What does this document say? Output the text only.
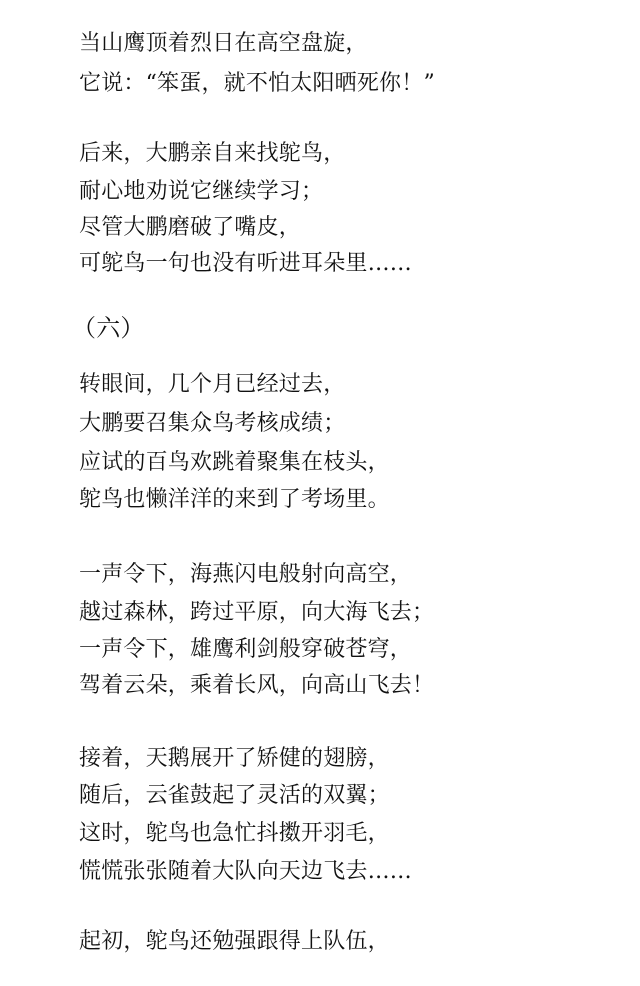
当山鹰顶着烈日在高空盘旋，
它说：“笨蛋，就不怕太阳晒死你！”
后来，大鹏亲自来找鸵鸟，
耐心地劝说它继续学习；
尽管大鹏磨破了嘴皮，
可鸵鸟一句也没有听进耳朵里……
（六）
转眼间，几个月已经过去，
大鹏要召集众鸟考核成绩；
应试的百鸟欢跳着聚集在枝头，
鸵鸟也懒洋洋的来到了考场里。
一声令下，海燕闪电般射向高空，
越过森林，跨过平原，向大海飞去；
一声令下，雄鹰利剑般穿破苍穹，
驾着云朵，乘着长风，向高山飞去！
接着，天鹅展开了矫健的翅膀，
随后，云雀鼓起了灵活的双翼；
这时，鸵鸟也急忙抖擞开羽毛，
慌慌张张随着大队向天边飞去……
起初，鸵鸟还勉强跟得上队伍，
